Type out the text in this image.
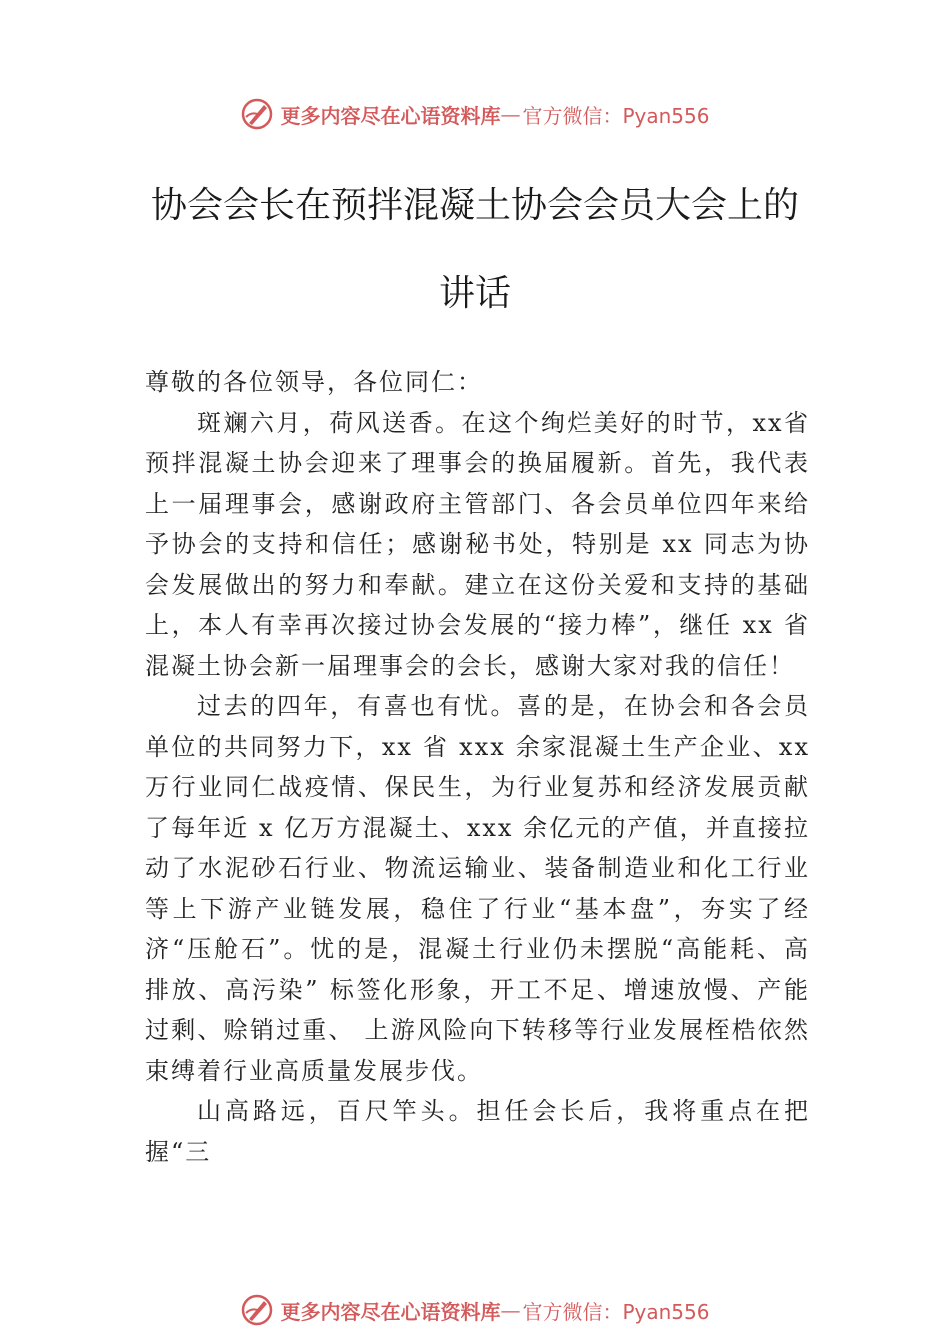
更多内容尽在心语资料库 — 官方微信：Pyan556
协会会长在预拌混凝土协会会员大会上的
讲话

尊敬的各位领导，各位同仁：

斑斓六月，荷风送香。在这个绚烂美好的时节，xx省预拌混凝土协会迎来了理事会的换届履新。首先，我代表上一届理事会，感谢政府主管部门、各会员单位四年来给予协会的支持和信任；感谢秘书处，特别是 xx 同志为协会发展做出的努力和奉献。建立在这份关爱和支持的基础上，本人有幸再次接过协会发展的“接力棒”，继任 xx 省混凝土协会新一届理事会的会长，感谢大家对我的信任！

过去的四年，有喜也有忧。喜的是，在协会和各会员单位的共同努力下，xx 省 xxx 余家混凝土生产企业、xx 万行业同仁战疫情、保民生，为行业复苏和经济发展贡献了每年近 x 亿万方混凝土、xxx 余亿元的产值，并直接拉动了水泥砂石行业、物流运输业、装备制造业和化工行业等上下游产业链发展，稳住了行业“基本盘”，夯实了经济“压舱石”。忧的是，混凝土行业仍未摆脱“高能耗、高排放、高污染” 标签化形象，开工不足、增速放慢、产能过剩、赊销过重、 上游风险向下转移等行业发展桎梏依然束缚着行业高质量发展步伐。

山高路远，百尺竿头。担任会长后，我将重点在把握“三

更多内容尽在心语资料库 — 官方微信：Pyan556
